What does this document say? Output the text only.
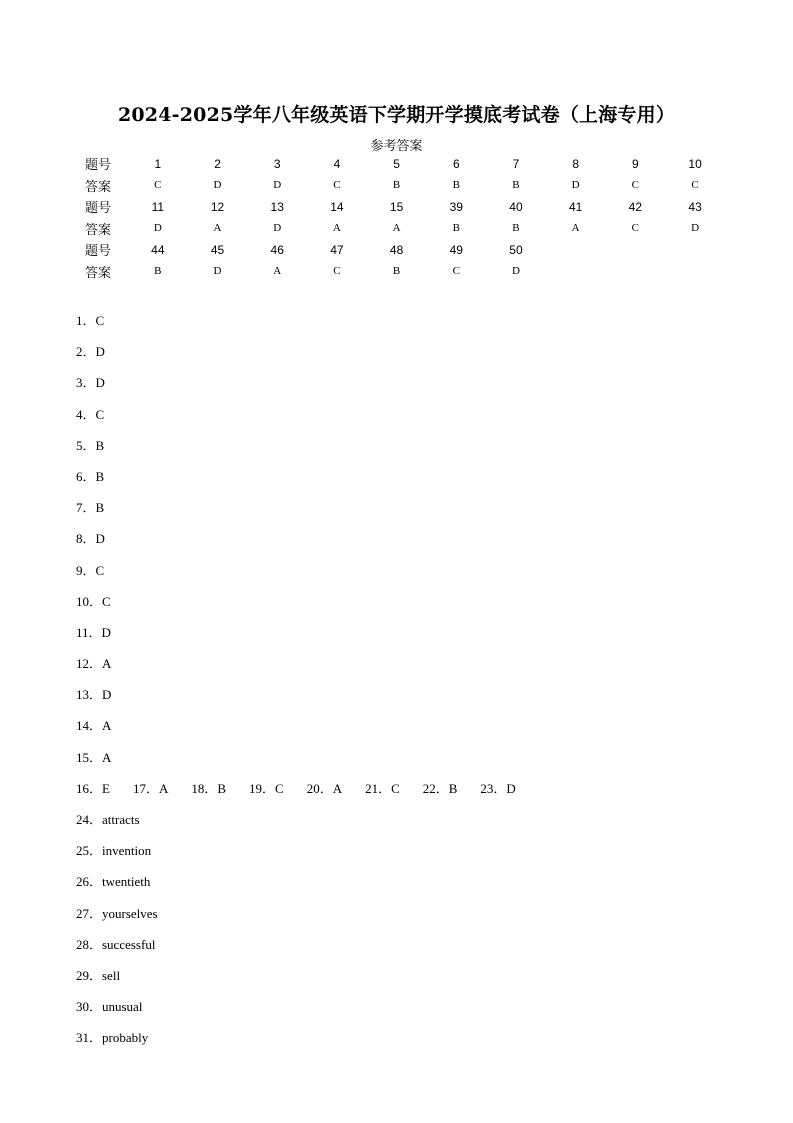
2024-2025学年八年级英语下学期开学摸底考试卷（上海专用）
参考答案
题号	1	2	3	4	5	6	7	8	9	10
答案	C	D	D	C	B	B	B	D	C	C
题号	11	12	13	14	15	39	40	41	42	43
答案	D	A	D	A	A	B	B	A	C	D
题号	44	45	46	47	48	49	50			
答案	B	D	A	C	B	C	D			
1．C
2．D
3．D
4．C
5．B
6．B
7．B
8．D
9．C
10．C
11．D
12．A
13．D
14．A
15．A
16．E 17．A 18．B 19．C 20．A 21．C 22．B 23．D
24．attracts
25．invention
26．twentieth
27．yourselves
28．successful
29．sell
30．unusual
31．probably
